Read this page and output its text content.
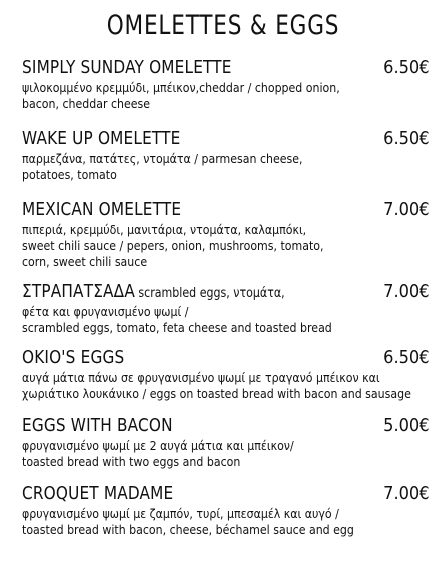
OMELETTES & EGGS
SIMPLY SUNDAY OMELETTE	6.50€
ψιλοκομμένο κρεμμύδι, μπέικον,cheddar / chopped onion,
bacon, cheddar cheese
WAKE UP OMELETTE	6.50€
παρμεζάνα, πατάτες, ντομάτα / parmesan cheese,
potatoes, tomato
MEXICAN OMELETTE	7.00€
πιπεριά, κρεμμύδι, μανιτάρια, ντομάτα, καλαμπόκι,
sweet chili sauce / pepers, onion, mushrooms, tomato,
corn, sweet chili sauce
ΣΤΡΑΠΑΤΣΑΔΑ scrambled eggs, ντομάτα,	7.00€
φέτα και φρυγανισμένο ψωμί /
scrambled eggs, tomato, feta cheese and toasted bread
OKIO'S EGGS	6.50€
αυγά μάτια πάνω σε φρυγανισμένο ψωμί με τραγανό μπέικον και
χωριάτικο λουκάνικο / eggs on toasted bread with bacon and sausage
EGGS WITH BACON	5.00€
φρυγανισμένο ψωμί με 2 αυγά μάτια και μπέικον/
toasted bread with two eggs and bacon
CROQUET MADAME	7.00€
φρυγανισμένο ψωμί με ζαμπόν, τυρί, μπεσαμέλ και αυγό /
toasted bread with bacon, cheese, béchamel sauce and egg
